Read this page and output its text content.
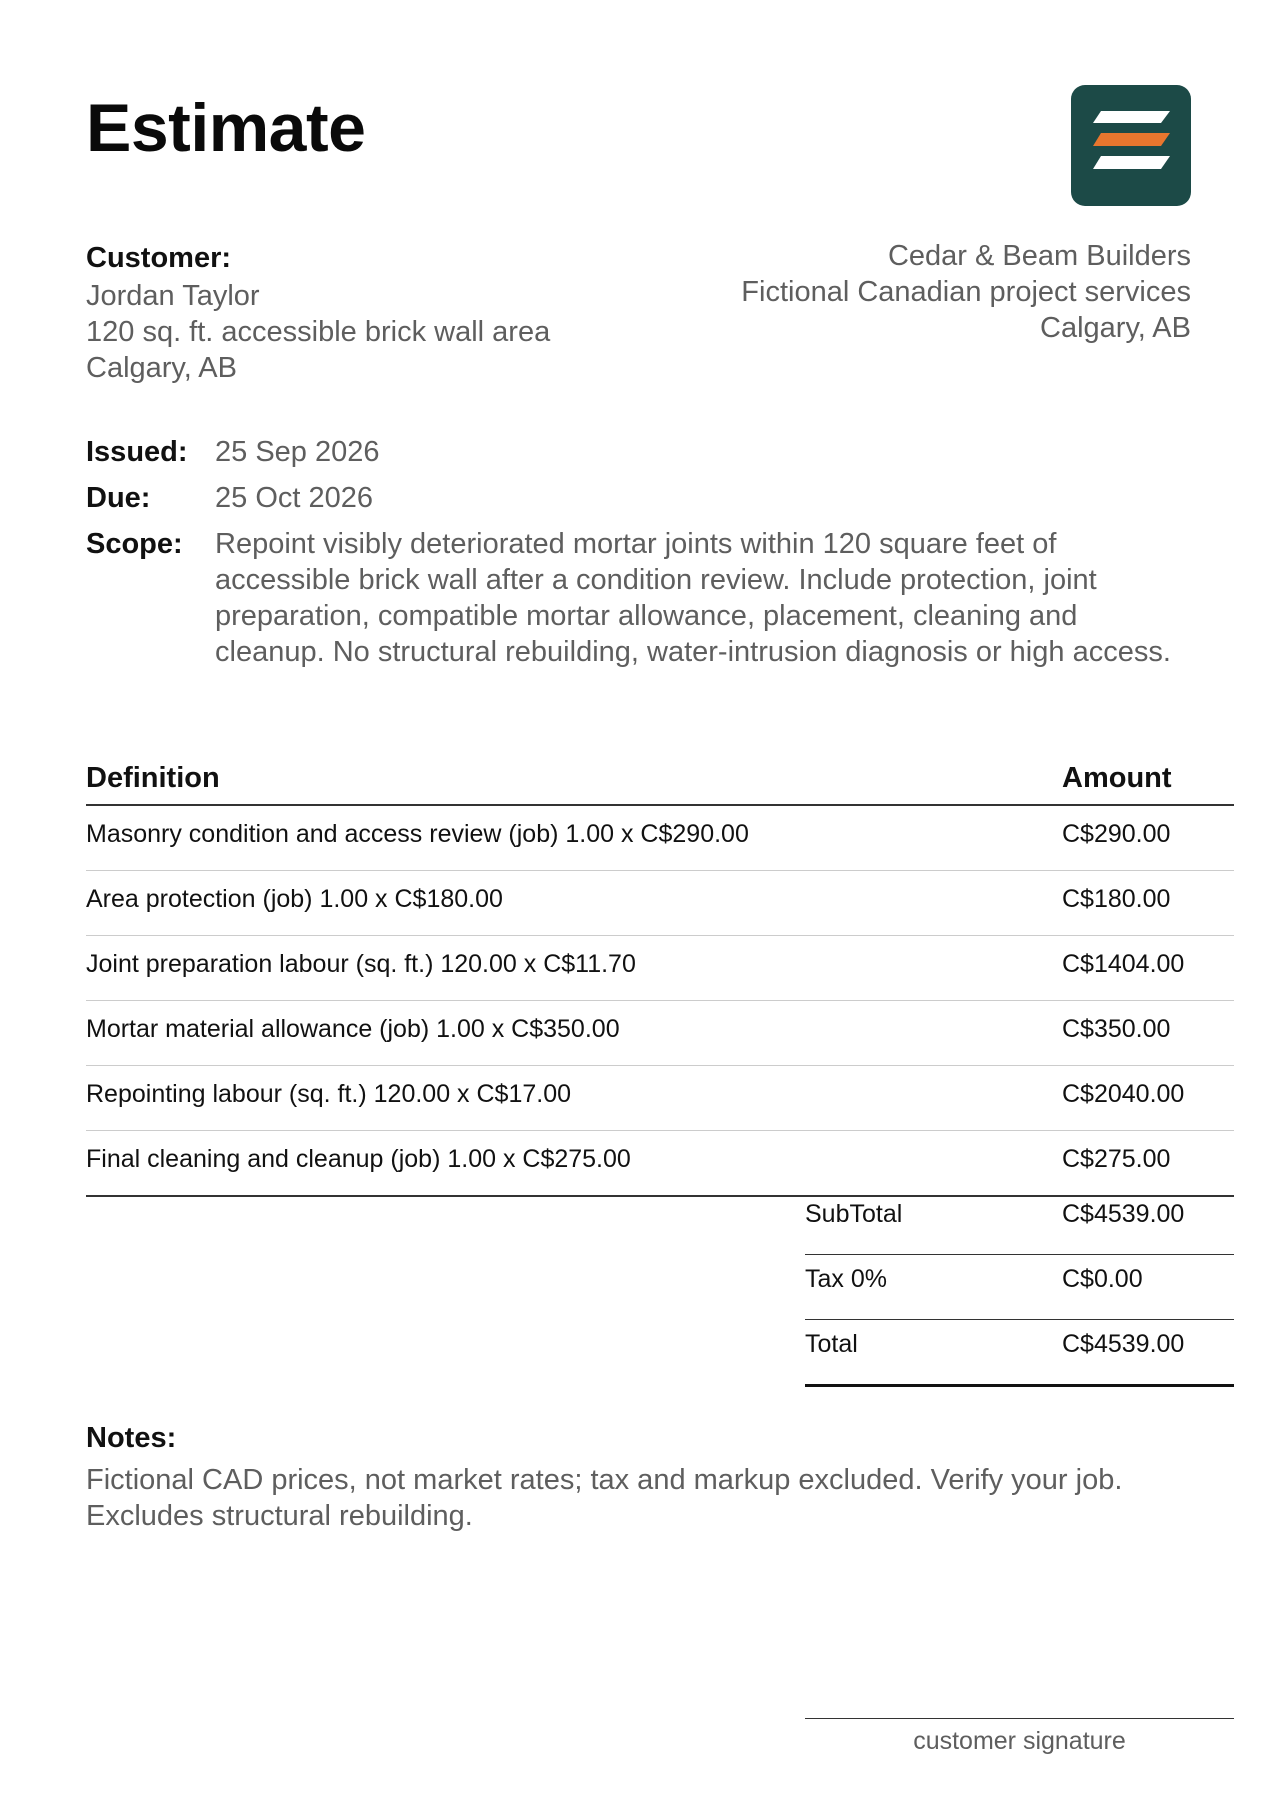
Estimate
Customer:
Jordan Taylor
120 sq. ft. accessible brick wall area
Calgary, AB
Cedar & Beam Builders
Fictional Canadian project services
Calgary, AB
Issued: 25 Sep 2026
Due:	25 Oct 2026
Scope:	Repoint visibly deteriorated mortar joints within 120 square feet of accessible brick wall after a condition review. Include protection, joint preparation, compatible mortar allowance, placement, cleaning and cleanup. No structural rebuilding, water-intrusion diagnosis or high access.
Definition	Amount
Masonry condition and access review (job) 1.00 x C$290.00	C$290.00
Area protection (job) 1.00 x C$180.00	C$180.00
Joint preparation labour (sq. ft.) 120.00 x C$11.70	C$1404.00
Mortar material allowance (job) 1.00 x C$350.00	C$350.00
Repointing labour (sq. ft.) 120.00 x C$17.00	C$2040.00
Final cleaning and cleanup (job) 1.00 x C$275.00	C$275.00
SubTotal	C$4539.00
Tax 0%	C$0.00
Total	C$4539.00
Notes:
Fictional CAD prices, not market rates; tax and markup excluded. Verify your job. Excludes structural rebuilding.
customer signature
